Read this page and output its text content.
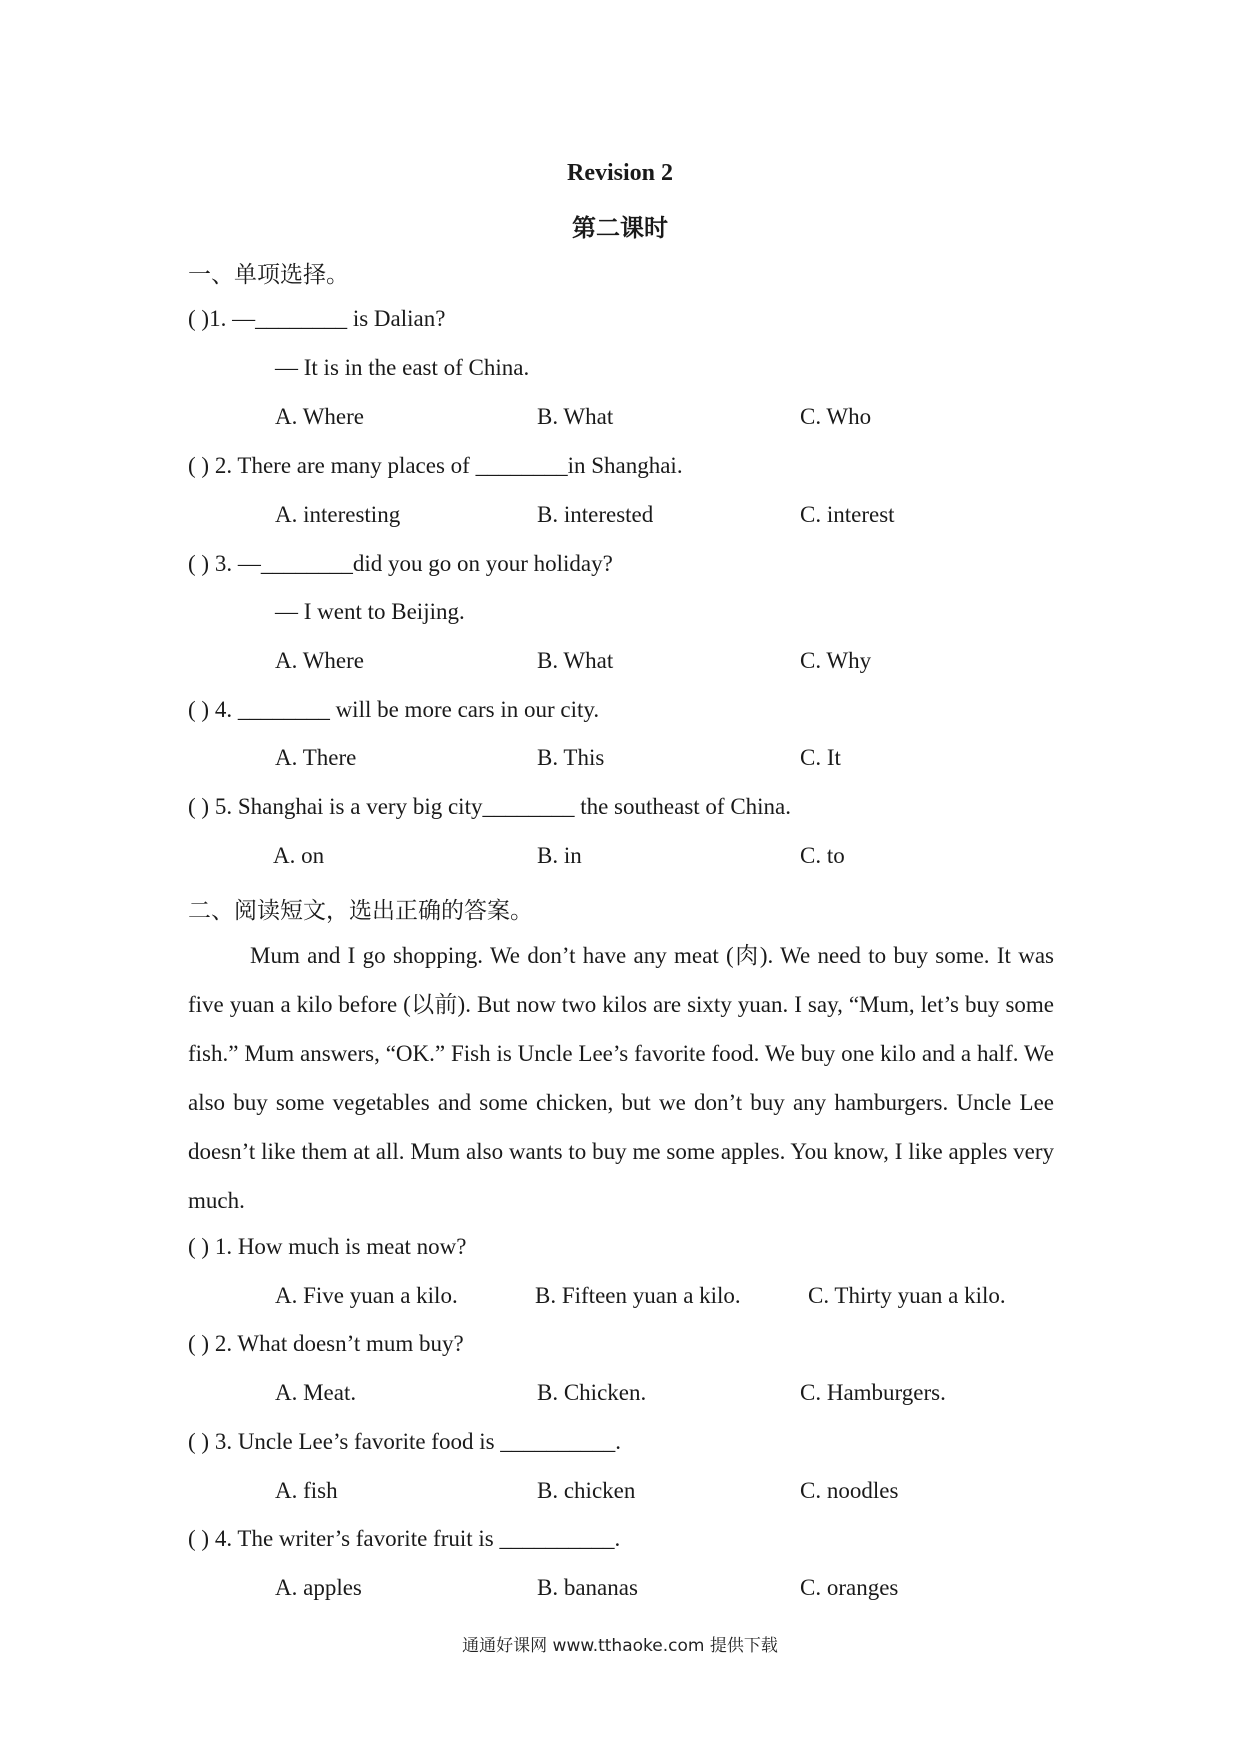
Revision 2
第二课时
一、单项选择。
( )1. —________ is Dalian?
— It is in the east of China.
A. Where	B. What	C. Who
( ) 2. There are many places of ________in Shanghai.
A. interesting	B. interested	C. interest
( ) 3. —________did you go on your holiday?
— I went to Beijing.
A. Where	B. What	C. Why
( ) 4. ________ will be more cars in our city.
A. There	B. This	C. It
( ) 5. Shanghai is a very big city________ the southeast of China.
A. on	B. in	C. to
二、阅读短文，选出正确的答案。

Mum and I go shopping. We don’t have any meat (肉). We need to buy some. It was five yuan a kilo before (以前). But now two kilos are sixty yuan. I say, “Mum, let’s buy some fish.” Mum answers, “OK.” Fish is Uncle Lee’s favorite food. We buy one kilo and a half. We also buy some vegetables and some chicken, but we don’t buy any hamburgers. Uncle Lee doesn’t like them at all. Mum also wants to buy me some apples. You know, I like apples very much.

( ) 1. How much is meat now?
A. Five yuan a kilo.	B. Fifteen yuan a kilo.	C. Thirty yuan a kilo.
( ) 2. What doesn’t mum buy?
A. Meat.	B. Chicken.	C. Hamburgers.
( ) 3. Uncle Lee’s favorite food is __________.
A. fish	B. chicken	C. noodles
( ) 4. The writer’s favorite fruit is __________.
A. apples	B. bananas	C. oranges
通通好课网 www.tthaoke.com 提供下载
